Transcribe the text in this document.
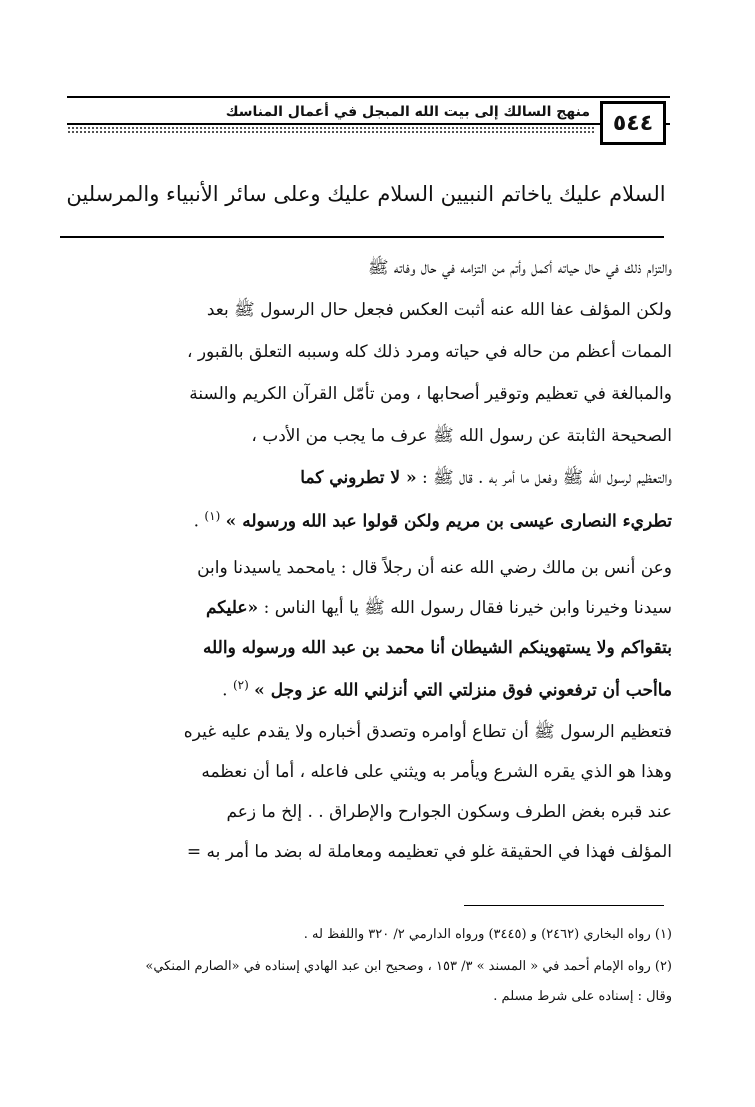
٥٤٤
منهج السالك إلى بيت الله المبجل في أعمال المناسك
السلام عليك ياخاتم النبيين السلام عليك وعلى سائر الأنبياء والمرسلين
والتزام ذلك في حال حياته أكمل وأتم من التزامه في حال وفاته ﷺ
ولكن المؤلف عفا الله عنه أثبت العكس فجعل حال الرسول ﷺ بعد
الممات أعظم من حاله في حياته ومرد ذلك كله وسببه التعلق بالقبور ،
والمبالغة في تعظيم وتوقير أصحابها ، ومن تأمّل القرآن الكريم والسنة
الصحيحة الثابتة عن رسول الله ﷺ عرف ما يجب من الأدب ،
والتعظيم لرسول الله ﷺ وفعل ما أمر به . قال ﷺ : « لا تطروني كما
تطريء النصارى عيسى بن مريم ولكن قولوا عبد الله ورسوله » $^{(١)}$ .
وعن أنس بن مالك رضي الله عنه أن رجلاً قال : يامحمد ياسيدنا وابن
سيدنا وخيرنا وابن خيرنا فقال رسول الله ﷺ يا أيها الناس : «عليكم
بتقواكم ولا يستهوينكم الشيطان أنا محمد بن عبد الله ورسوله والله
ماأحب أن ترفعوني فوق منزلتي التي أنزلني الله عز وجل » $^{(٢)}$ .
فتعظيم الرسول ﷺ أن تطاع أوامره وتصدق أخباره ولا يقدم عليه غيره
وهذا هو الذي يقره الشرع ويأمر به ويثني على فاعله ، أما أن نعظمه
عند قبره بغض الطرف وسكون الجوارح والإطراق . . إلخ ما زعم
المؤلف فهذا في الحقيقة غلو في تعظيمه ومعاملة له بضد ما أمر به =
(١) رواه البخاري (٢٤٦٢) و (٣٤٤٥) ورواه الدارمي ٢/ ٣٢٠ واللفظ له .
(٢) رواه الإمام أحمد في « المسند » ٣/ ١٥٣ ، وصحيح ابن عبد الهادي إسناده في «الصارم المنكي»
وقال : إسناده على شرط مسلم .
